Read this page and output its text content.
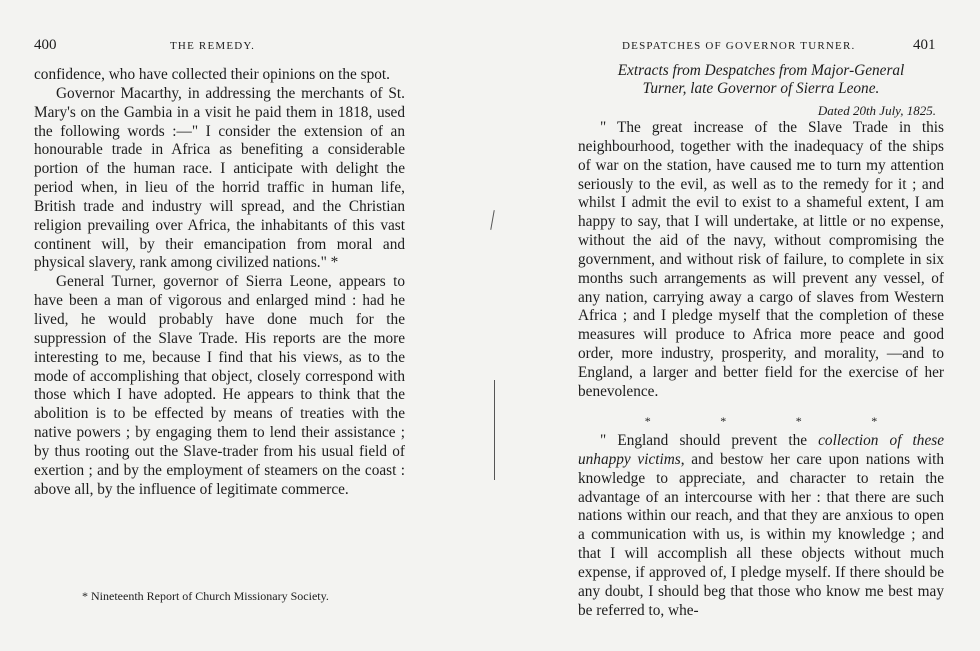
400	THE REMEDY.

confidence, who have collected their opinions on the spot.

Governor Macarthy, in addressing the merchants of St. Mary's on the Gambia in a visit he paid them in 1818, used the following words :—" I consider the extension of an honourable trade in Africa as benefiting a considerable portion of the human race. I anticipate with delight the period when, in lieu of the horrid traffic in human life, British trade and industry will spread, and the Christian religion prevailing over Africa, the inhabitants of this vast continent will, by their emancipation from moral and physical slavery, rank among civilized nations." *

General Turner, governor of Sierra Leone, appears to have been a man of vigorous and enlarged mind : had he lived, he would probably have done much for the suppression of the Slave Trade. His reports are the more interesting to me, because I find that his views, as to the mode of accomplishing that object, closely correspond with those which I have adopted. He appears to think that the abolition is to be effected by means of treaties with the native powers ; by engaging them to lend their assistance ; by thus rooting out the Slave-trader from his usual field of exertion ; and by the employment of steamers on the coast : above all, by the influence of legitimate commerce.

* Nineteenth Report of Church Missionary Society.
DESPATCHES OF GOVERNOR TURNER.	401
Extracts from Despatches from Major-General
Turner, late Governor of Sierra Leone.
Dated 20th July, 1825.

" The great increase of the Slave Trade in this neighbourhood, together with the inadequacy of the ships of war on the station, have caused me to turn my attention seriously to the evil, as well as to the remedy for it ; and whilst I admit the evil to exist to a shameful extent, I am happy to say, that I will undertake, at little or no expense, without the aid of the navy, without compromising the government, and without risk of failure, to complete in six months such arrangements as will prevent any vessel, of any nation, carrying away a cargo of slaves from Western Africa ; and I pledge myself that the completion of these measures will produce to Africa more peace and good order, more industry, prosperity, and morality, —and to England, a larger and better field for the exercise of her benevolence.

*	*	*	*

" England should prevent the collection of these unhappy victims, and bestow her care upon nations with knowledge to appreciate, and character to retain the advantage of an intercourse with her : that there are such nations within our reach, and that they are anxious to open a communication with us, is within my knowledge ; and that I will accomplish all these objects without much expense, if approved of, I pledge myself. If there should be any doubt, I should beg that those who know me best may be referred to, whe-
